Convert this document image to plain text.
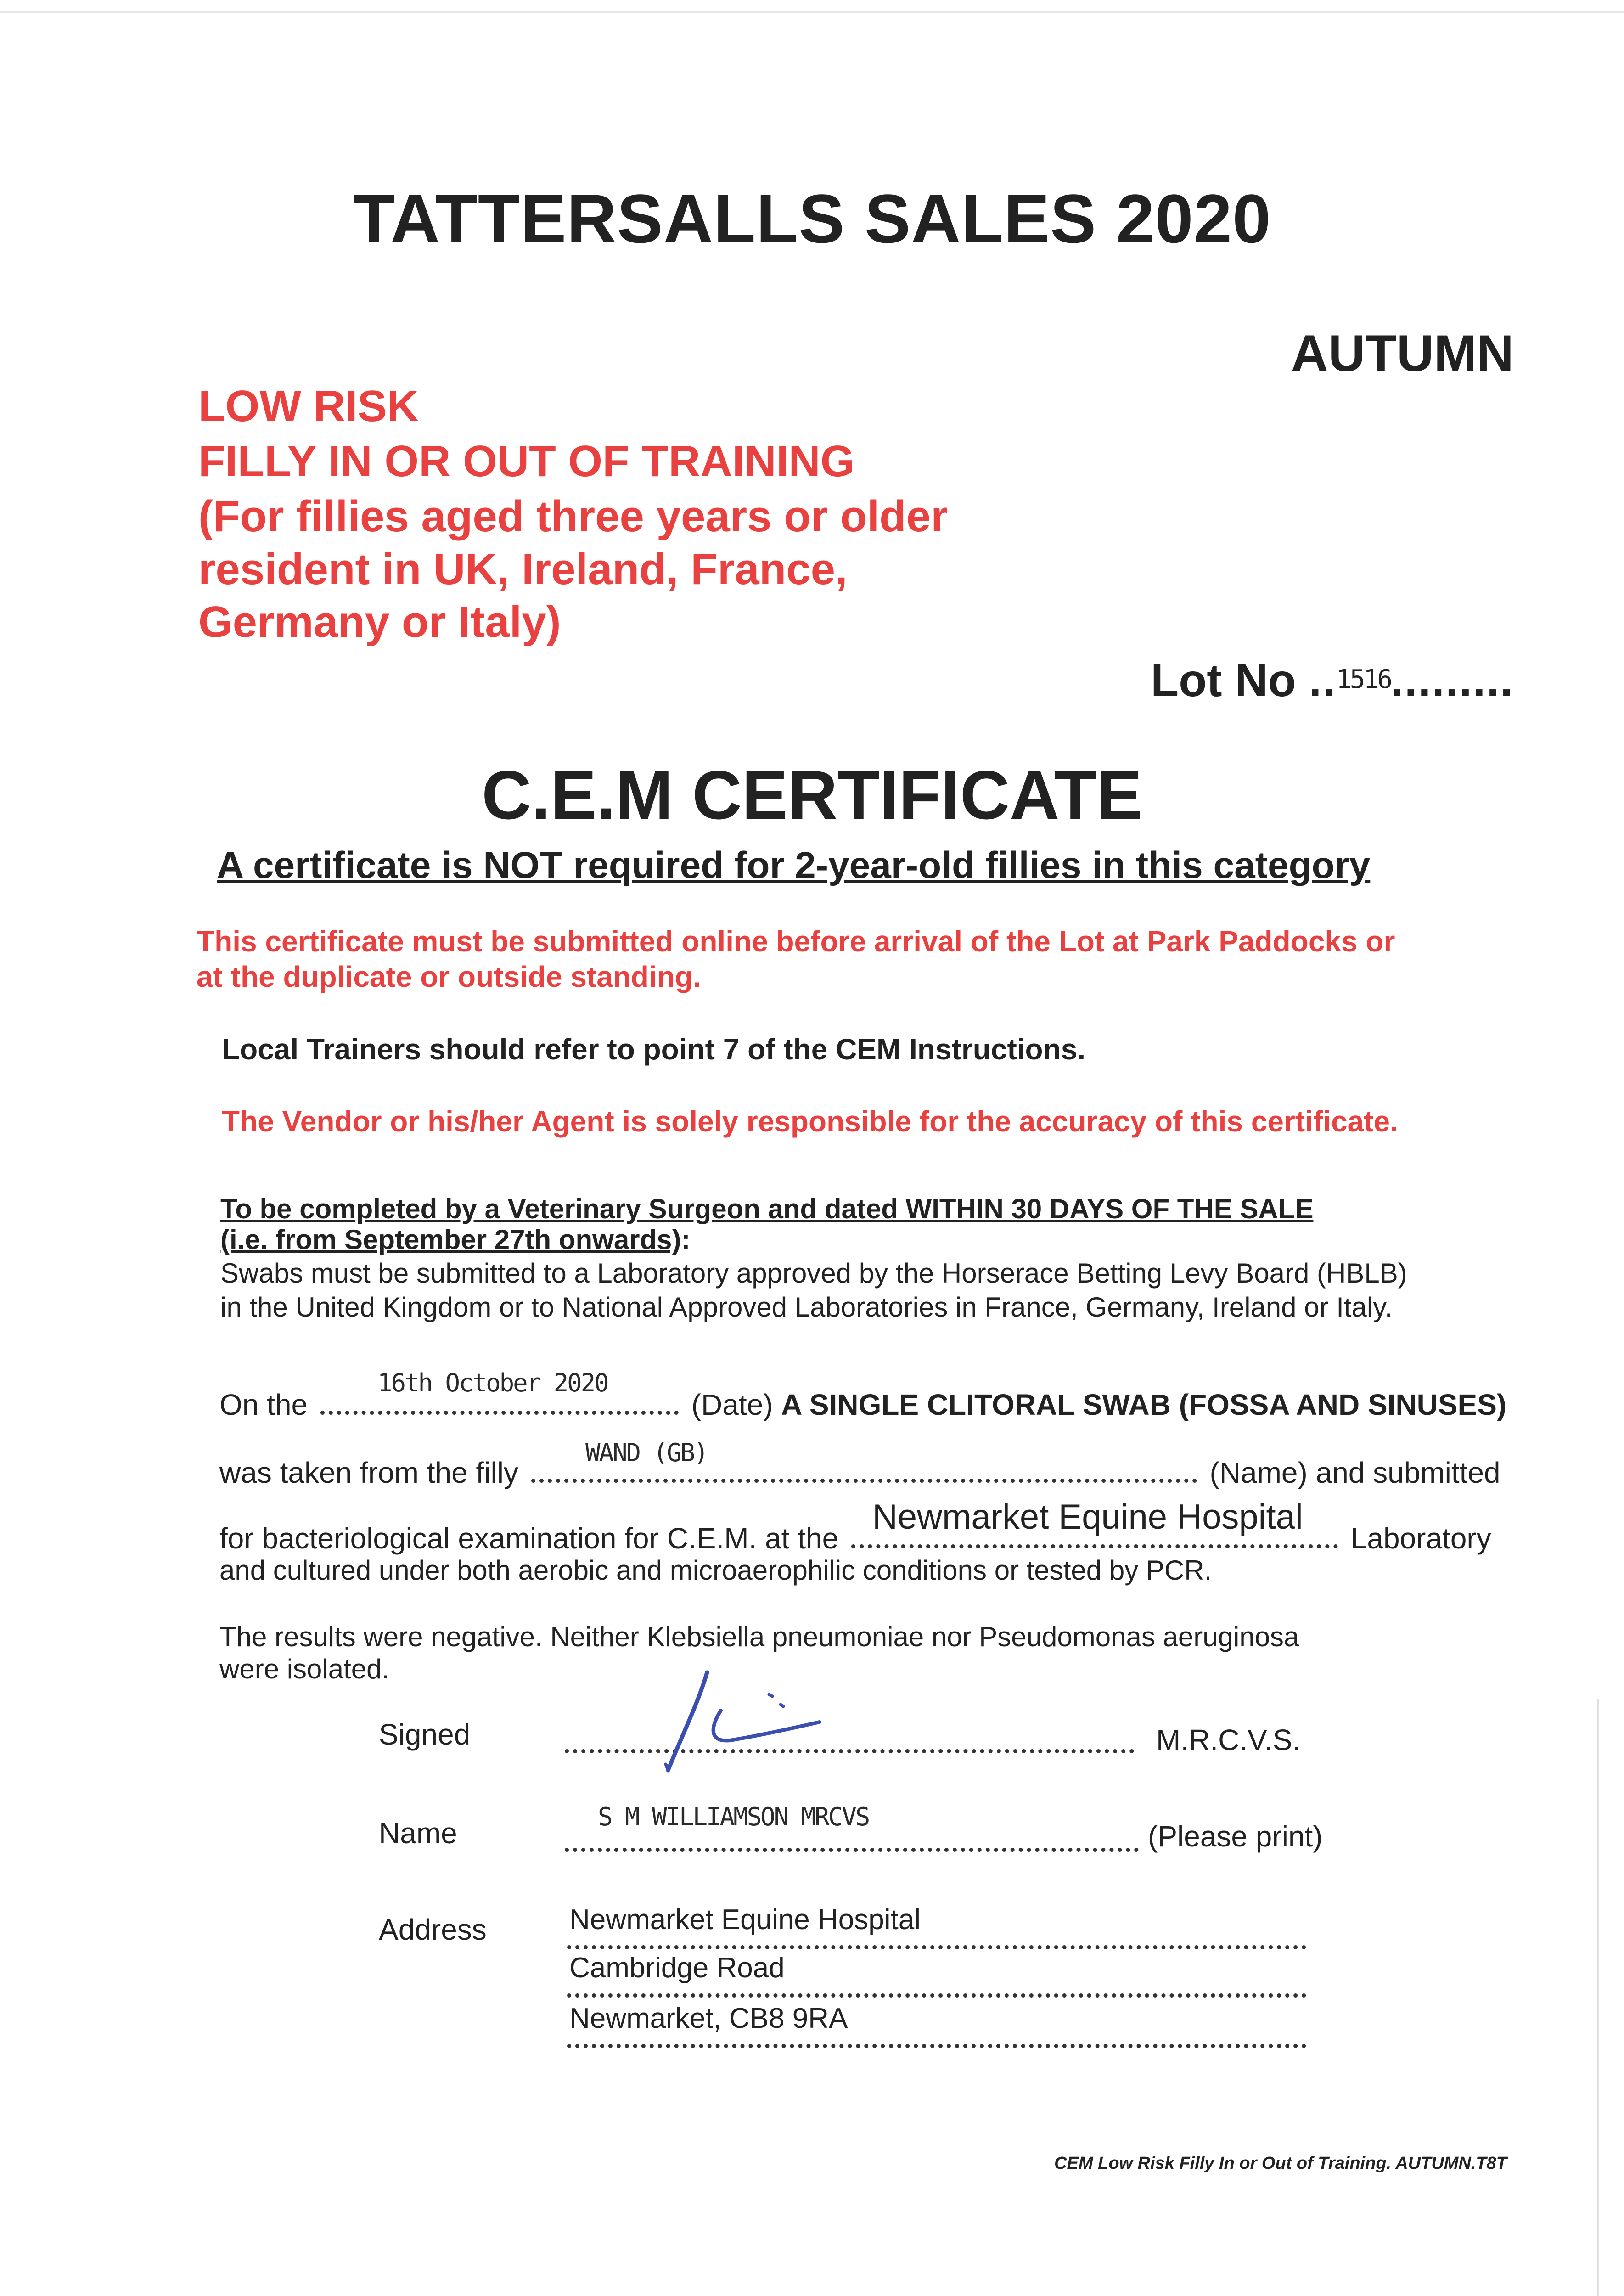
TATTERSALLS SALES 2020
AUTUMN
LOW RISK
FILLY IN OR OUT OF TRAINING
(For fillies aged three years or older
resident in UK, Ireland, France,
Germany or Italy)
Lot No ..1516.........
C.E.M CERTIFICATE
A certificate is NOT required for 2-year-old fillies in this category
This certificate must be submitted online before arrival of the Lot at Park Paddocks or
at the duplicate or outside standing.
Local Trainers should refer to point 7 of the CEM Instructions.
The Vendor or his/her Agent is solely responsible for the accuracy of this certificate.
To be completed by a Veterinary Surgeon and dated WITHIN 30 DAYS OF THE SALE
(i.e. from September 27th onwards):
Swabs must be submitted to a Laboratory approved by the Horserace Betting Levy Board (HBLB)
in the United Kingdom or to National Approved Laboratories in France, Germany, Ireland or Italy.
On the	(Date) A SINGLE CLITORAL SWAB (FOSSA AND SINUSES)
16th October 2020
was taken from the filly	(Name) and submitted
WAND (GB)
for bacteriological examination for C.E.M. at the	Laboratory
Newmarket Equine Hospital
and cultured under both aerobic and microaerophilic conditions or tested by PCR.
The results were negative. Neither Klebsiella pneumoniae nor Pseudomonas aeruginosa
were isolated.
Signed	M.R.C.V.S.
Name	(Please print)
S M WILLIAMSON MRCVS
Address	Newmarket Equine Hospital
Cambridge Road
Newmarket, CB8 9RA
CEM Low Risk Filly In or Out of Training. AUTUMN.T8T
